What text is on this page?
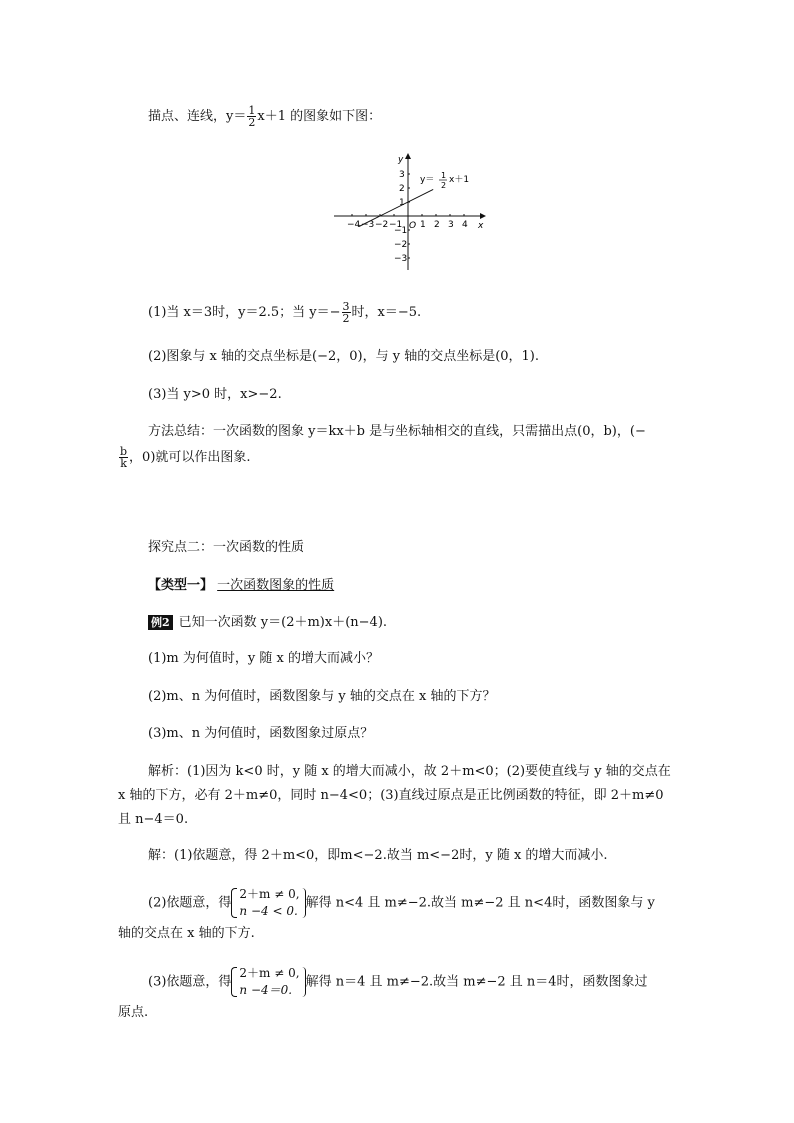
描点、连线，$y= \frac{1}{2} x+1$ 的图象如下图：
−4 −3 −2 −1 1 2 3 4
3
2
1
−1
−2
−3
y
x
O
y＝ 1
2
x＋1
(1)当 x＝3时，y＝2.5；当 $y=- \frac{3}{2}$ 时，x＝−5.
(2)图象与 x 轴的交点坐标是(−2，0)，与 y 轴的交点坐标是(0，1).
(3)当 y>0 时，x>−2.
方法总结：一次函数的图象 y＝kx＋b 是与坐标轴相交的直线，只需描出点(0，b)，(−
$\frac{b}{k}$ ，0)就可以作出图象.
探究点二：一次函数的性质
【类型一】 一次函数图象的性质
例2 已知一次函数 y＝(2＋m)x＋(n−4).
(1)m 为何值时，y 随 x 的增大而减小？
(2)m、n 为何值时，函数图象与 y 轴的交点在 x 轴的下方？
(3)m、n 为何值时，函数图象过原点？
解析：(1)因为 k<0 时，y 随 x 的增大而减小，故 2＋m<0；(2)要使直线与 y 轴的交点在
x 轴的下方，必有 2＋m≠0，同时 n−4<0；(3)直线过原点是正比例函数的特征，即 2＋m≠0
且 n−4＝0.
解：(1)依题意，得 2＋m<0，即m<−2.故当 m<−2时，y 随 x 的增大而减小.
(2)依题意，得
2＋m ≠ 0,
n −4 < 0.
解得 n<4 且 m≠−2.故当 m≠−2 且 n<4时，函数图象与 y
轴的交点在 x 轴的下方.
(3)依题意，得
2＋m ≠ 0,
n −4＝0.
解得 n＝4 且 m≠−2.故当 m≠−2 且 n＝4时，函数图象过
原点.
